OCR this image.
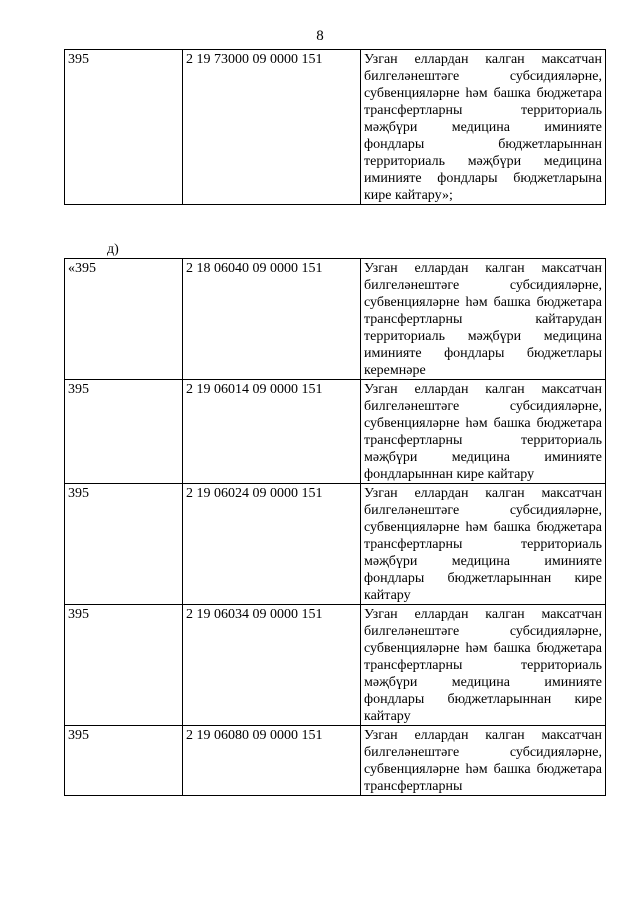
8
395	2 19 73000 09 0000 151	Узган еллардан калган максатчан билгеләнештәге субсидияләрне, субвенцияләрне һәм башка бюджетара трансфертларны территориаль мәҗбүри медицина иминияте фондлары бюджетларыннан территориаль мәҗбүри медицина иминияте фондлары бюджетларына кире кайтару»;
д)
«395	2 18 06040 09 0000 151	Узган еллардан калган максатчан билгеләнештәге субсидияләрне, субвенцияләрне һәм башка бюджетара трансфертларны кайтарудан территориаль мәҗбүри медицина иминияте фондлары бюджетлары керемнәре
395	2 19 06014 09 0000 151	Узган еллардан калган максатчан билгеләнештәге субсидияләрне, субвенцияләрне һәм башка бюджетара трансфертларны территориаль мәҗбүри медицина иминияте фондларыннан кире кайтару
395	2 19 06024 09 0000 151	Узган еллардан калган максатчан билгеләнештәге субсидияләрне, субвенцияләрне һәм башка бюджетара трансфертларны территориаль мәҗбүри медицина иминияте фондлары бюджетларыннан кире кайтару
395	2 19 06034 09 0000 151	Узган еллардан калган максатчан билгеләнештәге субсидияләрне, субвенцияләрне һәм башка бюджетара трансфертларны территориаль мәҗбүри медицина иминияте фондлары бюджетларыннан кире кайтару
395	2 19 06080 09 0000 151	Узган еллардан калган максатчан билгеләнештәге субсидияләрне, субвенцияләрне һәм башка бюджетара трансфертларны
